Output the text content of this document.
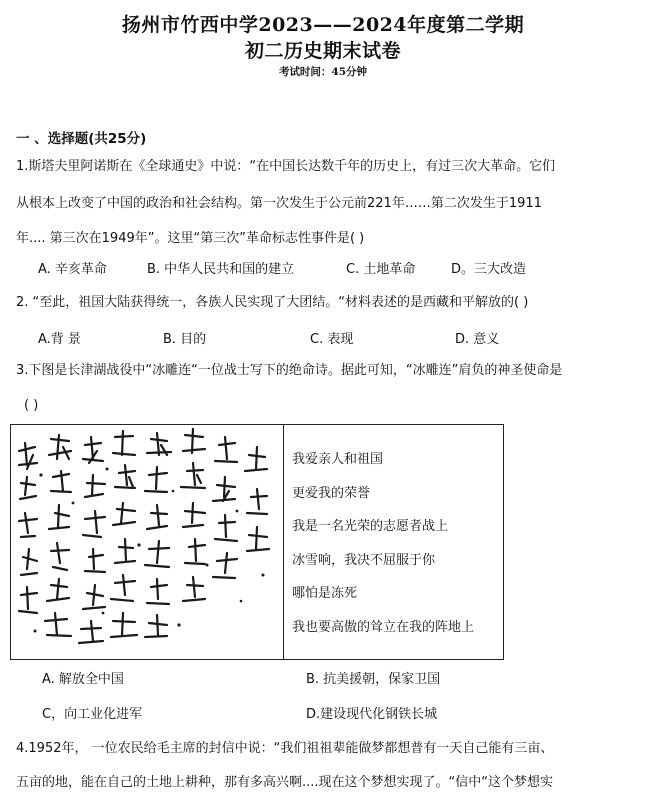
扬州市竹西中学2023——2024年度第二学期
初二历史期末试卷
考试时间：45分钟
一 、选择题(共25分)
1.斯塔夫里阿诺斯在《全球通史》中说：“在中国长达数千年的历史上，有过三次大革命。它们
从根本上改变了中国的政治和社会结构。第一次发生于公元前221年……第二次发生于1911
年.... 第三次在1949年”。这里“第三次”革命标志性事件是( )
A. 辛亥革命	B. 中华人民共和国的建立	C. 土地革命	D。三大改造
2. “至此，祖国大陆获得统一，各族人民实现了大团结。“材料表述的是西藏和平解放的( )
A.背 景	B. 目的	C. 表现	D. 意义
3.下图是长津湖战役中“冰雕连“一位战士写下的绝命诗。据此可知，“冰雕连”肩负的神圣使命是
( )
我爱亲人和祖国
更爱我的荣誉
我是一名光荣的志愿者战上
冰雪响，我决不屈服于你
哪怕是冻死
我也要高傲的耸立在我的阵地上
A. 解放全中国	B. 抗美援朝，保家卫国
C，向工业化进军	D.建设现代化钢铁长城
4.1952年， 一位农民给毛主席的封信中说：“我们祖祖辈能做梦都想普有一天自己能有三亩、
五亩的地，能在自己的土地上耕种，那有多高兴啊....现在这个梦想实现了。“信中“这个梦想实
